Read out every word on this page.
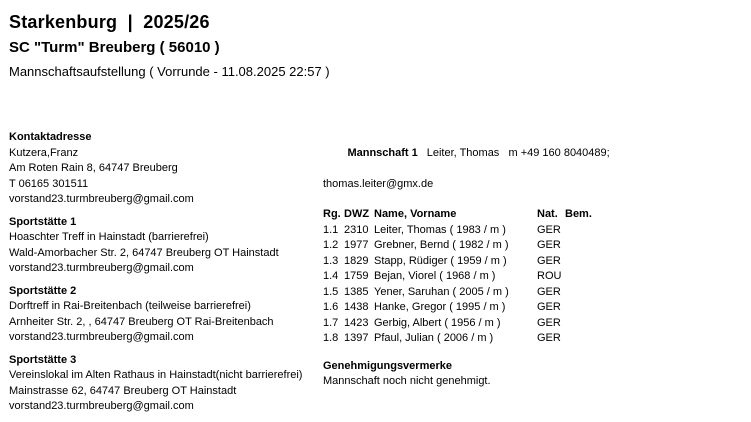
Starkenburg  |  2025/26
SC "Turm" Breuberg ( 56010 )
Mannschaftsaufstellung ( Vorrunde - 11.08.2025 22:57 )
Kontaktadresse
Kutzera,Franz
Am Roten Rain 8, 64747 Breuberg
T 06165 301511
vorstand23.turmbreuberg@gmail.com
Sportstätte 1
Hoaschter Treff in Hainstadt (barrierefrei)
Wald-Amorbacher Str. 2, 64747 Breuberg OT Hainstadt
vorstand23.turmbreuberg@gmail.com
Sportstätte 2
Dorftreff in Rai-Breitenbach (teilweise barrierefrei)
Arnheiter Str. 2, , 64747 Breuberg OT Rai-Breitenbach
vorstand23.turmbreuberg@gmail.com
Sportstätte 3
Vereinslokal im Alten Rathaus in Hainstadt(nicht barrierefrei)
Mainstrasse 62, 64747 Breuberg OT Hainstadt
vorstand23.turmbreuberg@gmail.com

Mannschaft 1 Leiter, Thomas   m +49 160 8040489;

thomas.leiter@gmx.de
Rg.	DWZ	Name, Vorname	Nat.	Bem.
1.1	2310	Leiter, Thomas ( 1983 / m )	GER	
1.2	1977	Grebner, Bernd ( 1982 / m )	GER	
1.3	1829	Stapp, Rüdiger ( 1959 / m )	GER	
1.4	1759	Bejan, Viorel ( 1968 / m )	ROU	
1.5	1385	Yener, Saruhan ( 2005 / m )	GER	
1.6	1438	Hanke, Gregor ( 1995 / m )	GER	
1.7	1423	Gerbig, Albert ( 1956 / m )	GER	
1.8	1397	Pfaul, Julian ( 2006 / m )	GER	
Genehmigungsvermerke
Mannschaft noch nicht genehmigt.
